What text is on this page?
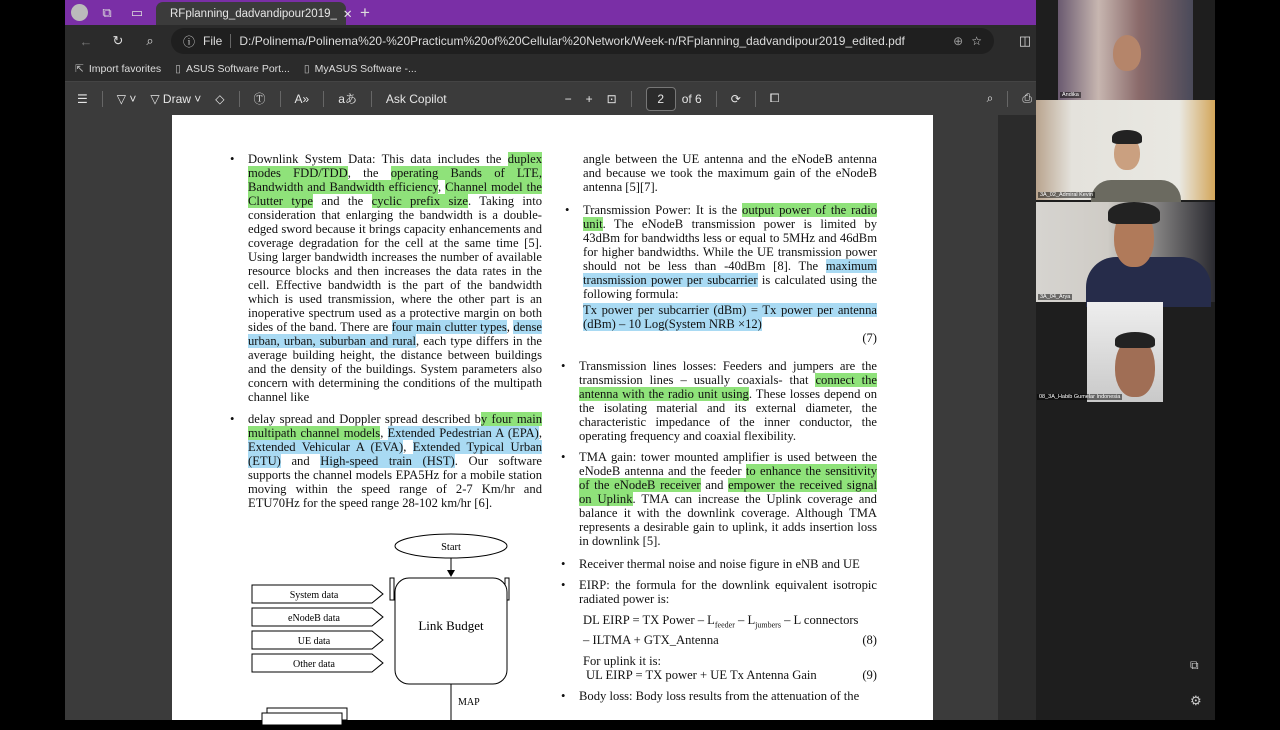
⧉	▭	RFplanning_dadvandipour2019_ ✕ +
←	↻	⌕	ⓘ File D:/Polinema/Polinema%20-%20Practicum%20of%20Cellular%20Network/Week-n/RFplanning_dadvandipour2019_edited.pdf	⊕ ☆	◫
⇱ Import favorites ▯ ASUS Software Port... ▯ MyASUS Software -...
☰ ▽ ˅ ▽ Draw ˅ ◇ Ⓣ A» aあ Ask Copilot	− + ⊡	2	of 6 ⟳ ⧠	⌕ ⎙

• Downlink System Data: This data includes the duplex modes FDD/TDD, the operating Bands of LTE, Bandwidth and Bandwidth efficiency, Channel model the Clutter type and the cyclic prefix size. Taking into consideration that enlarging the bandwidth is a double-edged sword because it brings capacity enhancements and coverage degradation for the cell at the same time [5]. Using larger bandwidth increases the number of available resource blocks and then increases the data rates in the cell. Effective bandwidth is the part of the bandwidth which is used transmission, where the other part is an inoperative spectrum used as a protective margin on both sides of the band. There are four main clutter types, dense urban, urban, suburban and rural, each type differs in the average building height, the distance between buildings and the density of the buildings. System parameters also concern with determining the conditions of the multipath channel like

• delay spread and Doppler spread described by four main multipath channel models, Extended Pedestrian A (EPA), Extended Vehicular A (EVA), Extended Typical Urban (ETU) and High-speed train (HST). Our software supports the channel models EPA5Hz for a mobile station moving within the speed range of 2-7 Km/hr and ETU70Hz for the speed range 28-102 km/hr [6].

Start
Link Budget
System data
eNodeB data
UE data
Other data
MAP

angle between the UE antenna and the eNodeB antenna and because we took the maximum gain of the eNodeB antenna [5][7].

• Transmission Power: It is the output power of the radio unit. The eNodeB transmission power is limited by 43dBm for bandwidths less or equal to 5MHz and 46dBm for higher bandwidths. While the UE transmission power should not be less than -40dBm [8]. The maximum transmission power per subcarrier is calculated using the following formula:

Tx power per subcarrier (dBm) = Tx power per antenna (dBm) – 10 Log(System NRB ×12)

(7)

• Transmission lines losses: Feeders and jumpers are the transmission lines – usually coaxials- that connect the antenna with the radio unit using. These losses depend on the isolating material and its external diameter, the characteristic impedance of the inner conductor, the operating frequency and coaxial flexibility.

• TMA gain: tower mounted amplifier is used between the eNodeB antenna and the feeder to enhance the sensitivity of the eNodeB receiver and empower the received signal on Uplink. TMA can increase the Uplink coverage and balance it with the downlink coverage. Although TMA represents a desirable gain to uplink, it adds insertion loss in downlink [5].

• Receiver thermal noise and noise figure in eNB and UE

• EIRP: the formula for the downlink equivalent isotropic radiated power is:

DL EIRP = TX Power – $L_{feeder} - L_{jumbers}$ – L connectors
– ILTMA + GTX_Antenna	(8)
For uplink it is:
UL EIRP = TX power + UE Tx Antenna Gain	(9)

• Body loss: Body loss results from the attenuation of the

Andika
3A_02_Admiral Kevin
3A_04_Arya
08_3A_Habib Gumelar Indonesia
⧉
⚙
